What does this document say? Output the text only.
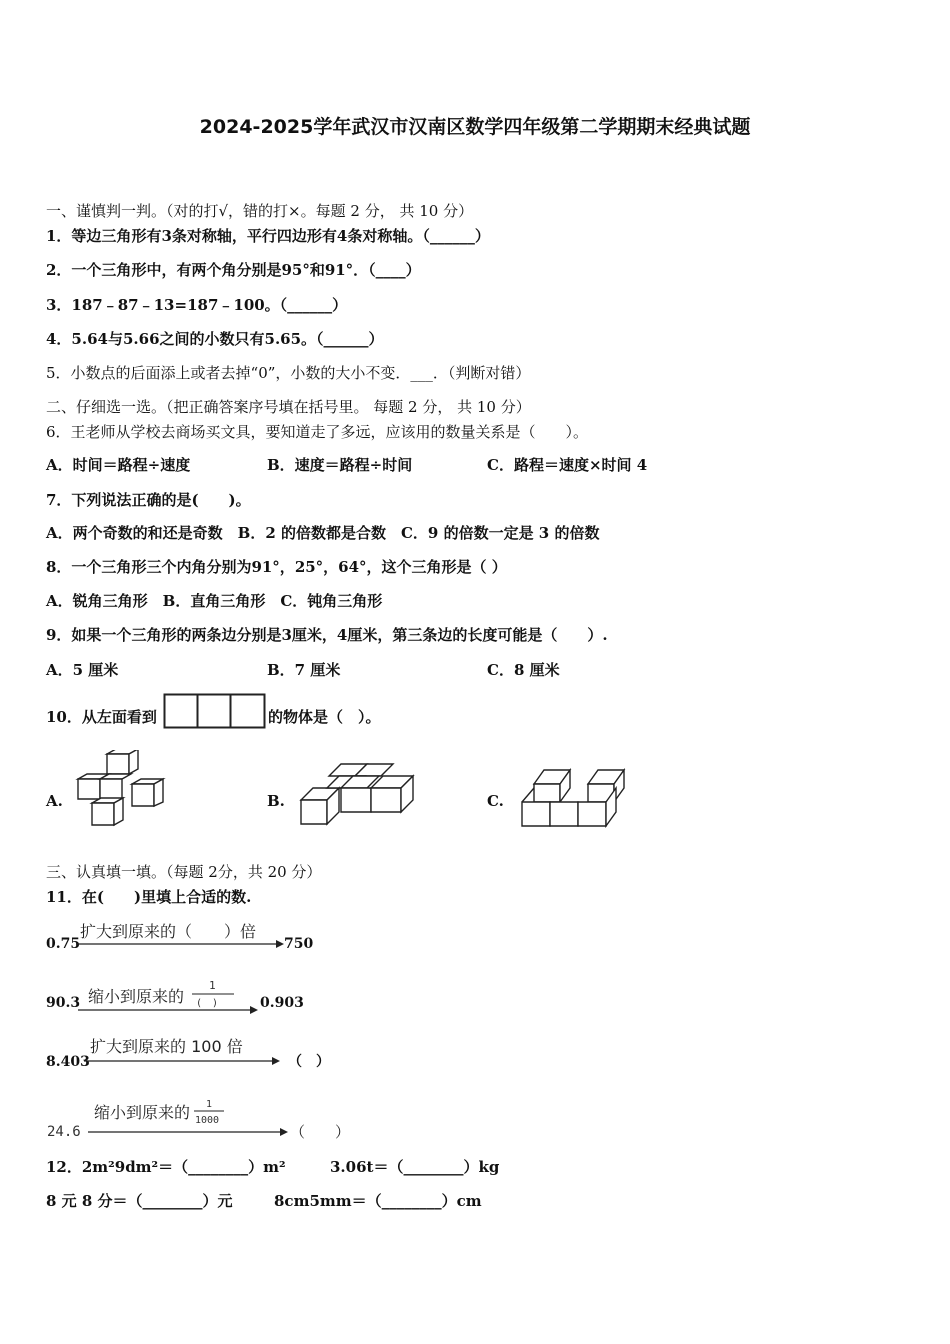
2024-2025学年武汉市汉南区数学四年级第二学期期末经典试题
一、谨慎判一判。（对的打√，错的打×。每题 2 分， 共 10 分）
1．等边三角形有3条对称轴，平行四边形有4条对称轴。（______）
2．一个三角形中，有两个角分别是95°和91°．（____）
3．187﹣87﹣13=187﹣100。（______）
4．5.64与5.66之间的小数只有5.65。（______）
5．小数点的后面添上或者去掉“0”，小数的大小不变．___．（判断对错）
二、仔细选一选。（把正确答案序号填在括号里。 每题 2 分， 共 10 分）
6．王老师从学校去商场买文具，要知道走了多远，应该用的数量关系是（　　）。
A．时间＝路程÷速度	B．速度＝路程÷时间	C．路程＝速度×时间 4
7．下列说法正确的是(　　)。
A．两个奇数的和还是奇数　B．2 的倍数都是合数　C．9 的倍数一定是 3 的倍数
8．一个三角形三个内角分别为91°，25°，64°，这个三角形是（ ）
A．锐角三角形　B．直角三角形　C．钝角三角形
9．如果一个三角形的两条边分别是3厘米，4厘米，第三条边的长度可能是（　　）.
A．5 厘米	B．7 厘米	C．8 厘米
10．从左面看到	的物体是（　）。
A.	B.	C.
三、认真填一填。（每题 2分，共 20 分）
11．在(　　)里填上合适的数.
0.75
扩大到原来的（　　）倍
750
90.3 缩小到原来的
1
(　)	0.903
8.403
扩大到原来的 100 倍
（　）
24.6
缩小到原来的 1
1000
（　　）
12．2m²9dm²＝（________）m²	3.06t＝（________）kg
8 元 8 分＝（________）元	8cm5mm＝（________）cm
